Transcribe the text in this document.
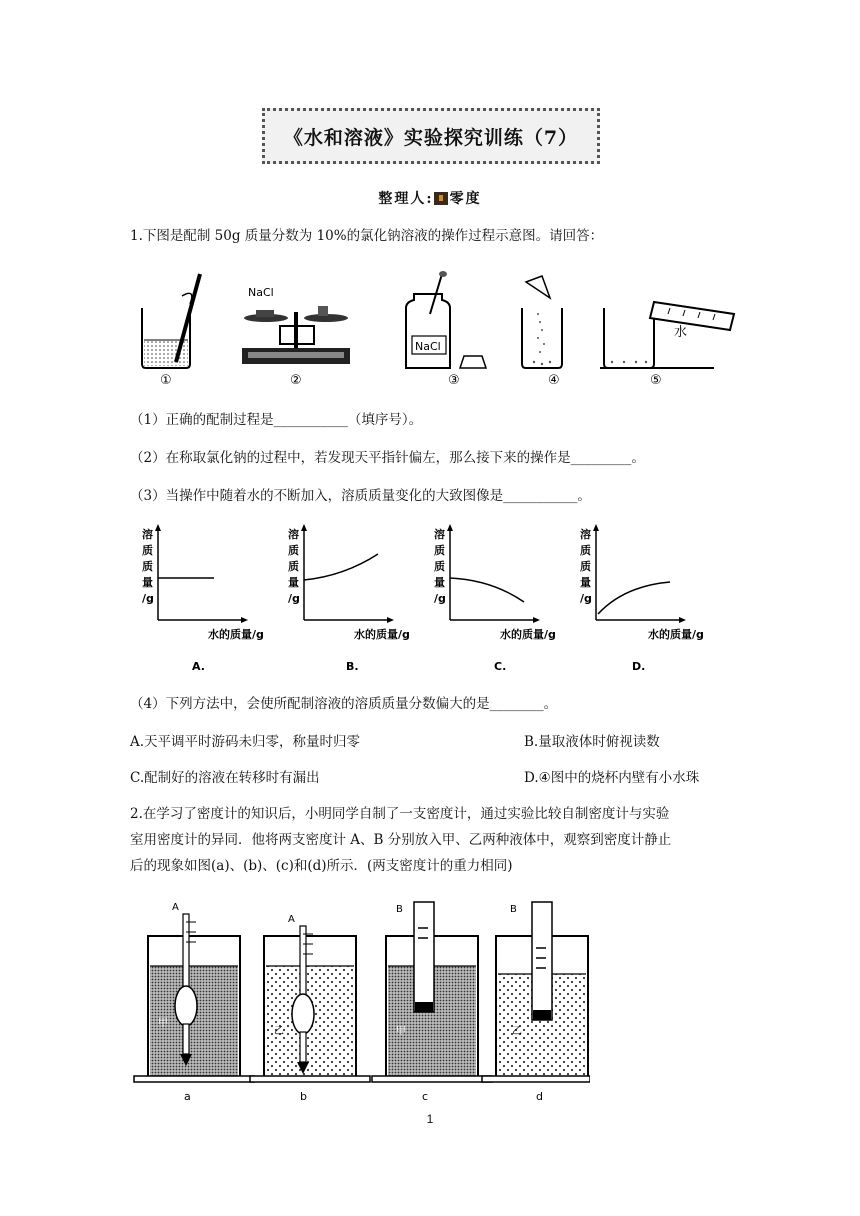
《水和溶液》实验探究训练（7）
整理人: 零度
1.下图是配制 50g 质量分数为 10%的氯化钠溶液的操作过程示意图。请回答：
NaCl
NaCl
水
①	②	③	④	⑤
（1）正确的配制过程是___________（填序号）。
（2）在称取氯化钠的过程中，若发现天平指针偏左，那么接下来的操作是_________。
（3）当操作中随着水的不断加入，溶质质量变化的大致图像是___________。
溶
质
质
量
/g
水的质量/g
A.
溶
质
质
量
/g
水的质量/g
B.
溶
质
质
量
/g
水的质量/g
C.
溶
质
质
量
/g
水的质量/g
D.
（4）下列方法中，会使所配制溶液的溶质质量分数偏大的是________。
A.天平调平时游码未归零，称量时归零	B.量取液体时俯视读数
C.配制好的溶液在转移时有漏出	D.④图中的烧杯内壁有小水珠
2.在学习了密度计的知识后，小明同学自制了一支密度计，通过实验比较自制密度计与实验
室用密度计的异同．他将两支密度计 A、B 分别放入甲、乙两种液体中，观察到密度计静止
后的现象如图(a)、(b)、(c)和(d)所示．(两支密度计的重力相同)
A
甲
a
A
乙
b
B
甲
c
B
乙
d
1
